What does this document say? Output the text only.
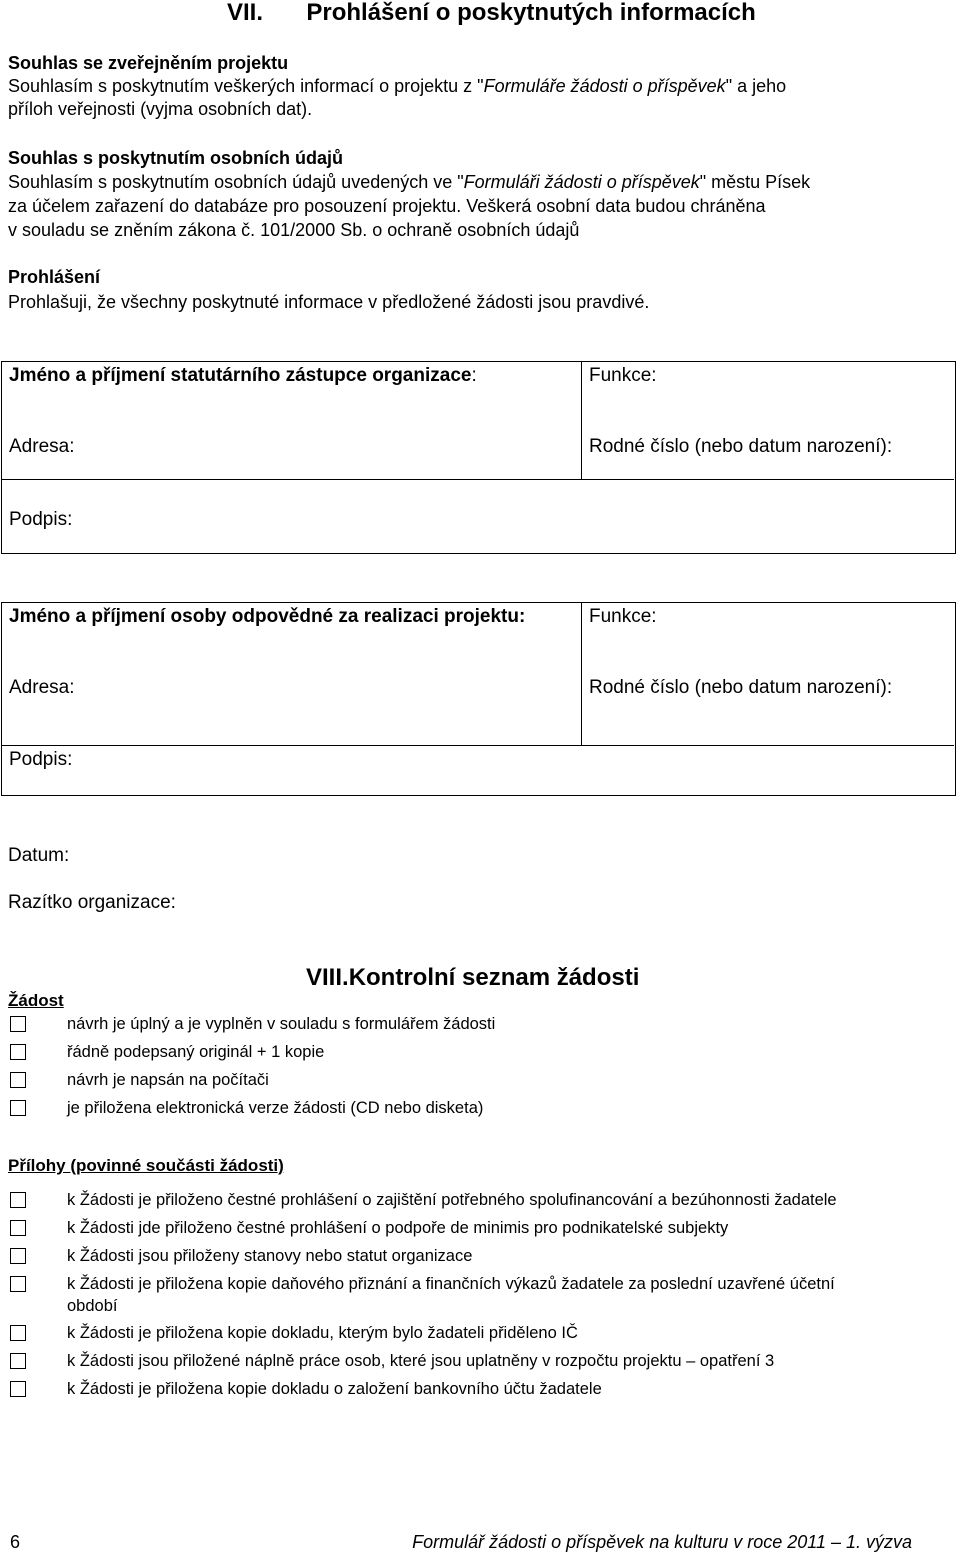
VII. Prohlášení o poskytnutých informacích
Souhlas se zveřejněním projektu
Souhlasím s poskytnutím veškerých informací o projektu z "Formuláře žádosti o příspěvek" a jeho
příloh veřejnosti (vyjma osobních dat).
Souhlas s poskytnutím osobních údajů
Souhlasím s poskytnutím osobních údajů uvedených ve "Formuláři žádosti o příspěvek" městu Písek
za účelem zařazení do databáze pro posouzení projektu. Veškerá osobní data budou chráněna
v souladu se zněním zákona č. 101/2000 Sb. o ochraně osobních údajů
Prohlášení
Prohlašuji, že všechny poskytnuté informace v předložené žádosti jsou pravdivé.
Jméno a příjmení statutárního zástupce organizace:	Funkce:
Adresa:	Rodné číslo (nebo datum narození):
Podpis:
Jméno a příjmení osoby odpovědné za realizaci projektu:	Funkce:
Adresa:	Rodné číslo (nebo datum narození):
Podpis:
Datum:
Razítko organizace:
VIII.Kontrolní seznam žádosti
Žádost
návrh je úplný a je vyplněn v souladu s formulářem žádosti
řádně podepsaný originál + 1 kopie
návrh je napsán na počítači
je přiložena elektronická verze žádosti (CD nebo disketa)
Přílohy (povinné součásti žádosti)
k Žádosti je přiloženo čestné prohlášení o zajištění potřebného spolufinancování a bezúhonnosti žadatele
k Žádosti jde přiloženo čestné prohlášení o podpoře de minimis pro podnikatelské subjekty
k Žádosti jsou přiloženy stanovy nebo statut organizace
k Žádosti je přiložena kopie daňového přiznání a finančních výkazů žadatele za poslední uzavřené účetní
období
k Žádosti je přiložena kopie dokladu, kterým bylo žadateli přiděleno IČ
k Žádosti jsou přiložené náplně práce osob, které jsou uplatněny v rozpočtu projektu – opatření 3
k Žádosti je přiložena kopie dokladu o založení bankovního účtu žadatele
6	Formulář žádosti o příspěvek na kulturu v roce 2011 – 1. výzva
